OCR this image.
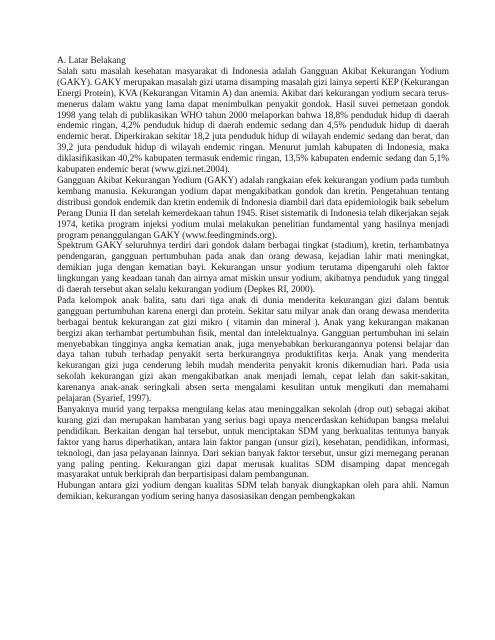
A. Latar Belakang

Salah satu masalah kesehatan masyarakat di Indonesia adalah Gangguan Akibat Kekurangan Yodium (GAKY). GAKY merupakan masalah gizi utama disamping masalah gizi lainya seperti KEP (Kekurangan Energi Protein), KVA (Kekurangan Vitamin A) dan anemia. Akibat dari kekurangan yodium secara terus-menerus dalam waktu yang lama dapat menimbulkan penyakit gondok. Hasil suvei pemetaan gondok 1998 yang telah di publikasikan WHO tahun 2000 melaporkan bahwa 18,8% penduduk hidup di daerah endemic ringan, 4,2% penduduk hidup di daerah endemic sedang dan 4,5% penduduk hidup di daerah endemic berat. Diperkirakan sekitar 18,2 juta penduduk hidup di wilayah endemic sedang dan berat, dan 39,2 juta penduduk hidup di wilayah endemic ringan. Menurut jumlah kabupaten di Indonesia, maka diklasifikasikan 40,2% kabupaten termasuk endemic ringan, 13,5% kabupaten endemic sedang dan 5,1% kabupaten endemic berat (www.gizi.net.2004).

Gangguan Akibat Kekurangan Yodium (GAKY) adalah rangkaian efek kekurangan yodium pada tumbuh kembang manusia. Kekurangan yodium dapat mengakibatkan gondok dan kretin. Pengetahuan tentang distribusi gondok endemik dan kretin endemik di Indonesia diambil dari data epidemiologik baik sebelum Perang Dunia II dan setelah kemerdekaan tahun 1945. Riset sistematik di Indonesia telah dikerjakan sejak 1974, ketika program injeksi yodium mulai melakukan penelitian fundamental yang hasilnya menjadi program penanggulangan GAKY (www.feedingminds.org).

Spektrum GAKY seluruhnya terdiri dari gondok dalam berbagai tingkat (stadium), kretin, terhambatnya pendengaran, gangguan pertumbuhan pada anak dan orang dewasa, kejadian lahir mati meningkat, demikian juga dengan kematian bayi. Kekurangan unsur yodium terutama dipengaruhi oleh faktor lingkungan yang keadaan tanah dan airnya amat miskin unsur yodium, akibatnya penduduk yang tinggal di daerah tersebut akan selalu kekurangan yodium (Depkes RI, 2000).

Pada kelompok anak balita, satu dari tiga anak di dunia menderita kekurangan gizi dalam bentuk gangguan pertumbuhan karena energi dan protein. Sekitar satu milyar anak dan orang dewasa menderita berbagai bentuk kekurangan zat gizi mikro ( vitamin dan mineral ). Anak yang kekurangan makanan bergizi akan terhambat pertumbuhan fisik, mental dan intelektualnya. Gangguan pertumbuhan ini selain menyebabkan tingginya angka kematian anak, juga menyebabkan berkurangannya potensi belajar dan daya tahan tubuh terhadap penyakit serta berkurangnya produktifitas kerja. Anak yang menderita kekurangan gizi juga cenderung lebih mudah menderita penyakit kronis dikemudian hari. Pada usia sekolah kekurangan gizi akan mengakibatkan anak menjadi lemah, cepat lelah dan sakit-sakitan, karenanya anak-anak seringkali absen serta mengalami kesulitan untuk mengikuti dan memahami pelajaran (Syarief, 1997).

Banyaknya murid yang terpaksa mengulang kelas atau meninggalkan sekolah (drop out) sebagai akibat kurang gizi dan merupakan hambatan yang serius bagi upaya mencerdaskan kehidupan bangsa melalui pendidikan. Berkaitan dengan hal tersebut, untuk menciptakan SDM yang berkualitas tentunya banyak faktor yang harus diperhatikan, antara lain faktor pangan (unsur gizi), kesehatan, pendidikan, informasi, teknologi, dan jasa pelayanan lainnya. Dari sekian banyak faktor tersebut, unsur gizi memegang peranan yang paling penting. Kekurangan gizi dapat merusak kualitas SDM disamping dapat mencegah masyarakat untuk berkiprah dan berpartisipasi dalam pembangunan.

Hubungan antara gizi yodium dengan kualitas SDM telah banyak diungkapkan oleh para ahli. Namun demikian, kekurangan yodium sering hanya dasosiasikan dengan pembengkakan
